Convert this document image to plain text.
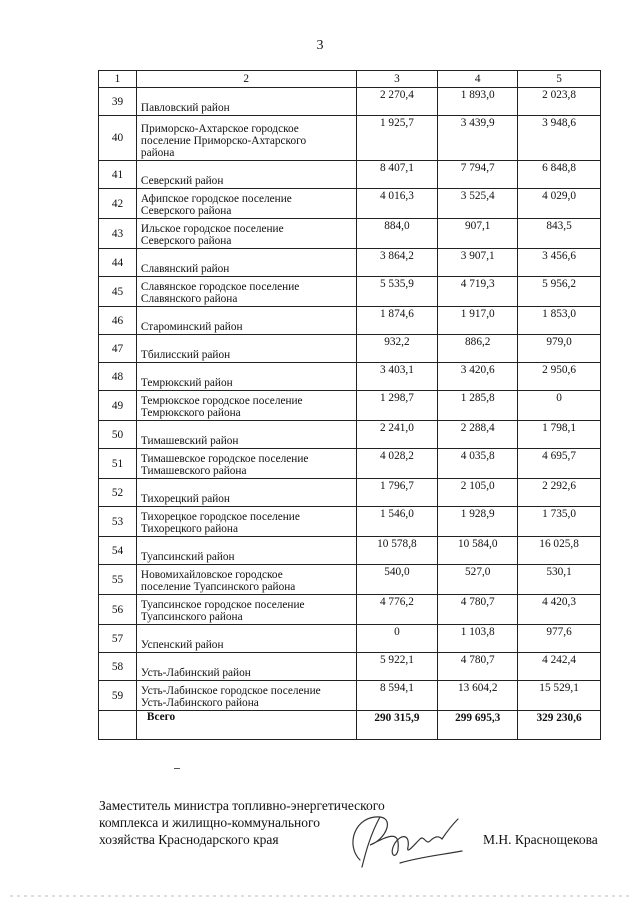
3
1	2	3	4	5
39	Павловский район	2 270,4	1 893,0	2 023,8
40	Приморско-Ахтарское городское
поселение Приморско-Ахтарского
района	1 925,7	3 439,9	3 948,6
41	Северский район	8 407,1	7 794,7	6 848,8
42	Афипское городское поселение
Северского района	4 016,3	3 525,4	4 029,0
43	Ильское городское поселение
Северского района	884,0	907,1	843,5
44	Славянский район	3 864,2	3 907,1	3 456,6
45	Славянское городское поселение
Славянского района	5 535,9	4 719,3	5 956,2
46	Староминский район	1 874,6	1 917,0	1 853,0
47	Тбилисский район	932,2	886,2	979,0
48	Темрюкский район	3 403,1	3 420,6	2 950,6
49	Темрюкское городское поселение
Темрюкского района	1 298,7	1 285,8	0
50	Тимашевский район	2 241,0	2 288,4	1 798,1
51	Тимашевское городское поселение
Тимашевского района	4 028,2	4 035,8	4 695,7
52	Тихорецкий район	1 796,7	2 105,0	2 292,6
53	Тихорецкое городское поселение
Тихорецкого района	1 546,0	1 928,9	1 735,0
54	Туапсинский район	10 578,8	10 584,0	16 025,8
55	Новомихайловское городское
поселение Туапсинского района	540,0	527,0	530,1
56	Туапсинское городское поселение
Туапсинского района	4 776,2	4 780,7	4 420,3
57	Успенский район	0	1 103,8	977,6
58	Усть-Лабинский район	5 922,1	4 780,7	4 242,4
59	Усть-Лабинское городское поселение
Усть-Лабинского района	8 594,1	13 604,2	15 529,1
	Всего	290 315,9	299 695,3	329 230,6
Заместитель министра топливно-энергетического
комплекса и жилищно-коммунального
хозяйства Краснодарского края	М.Н. Краснощекова
